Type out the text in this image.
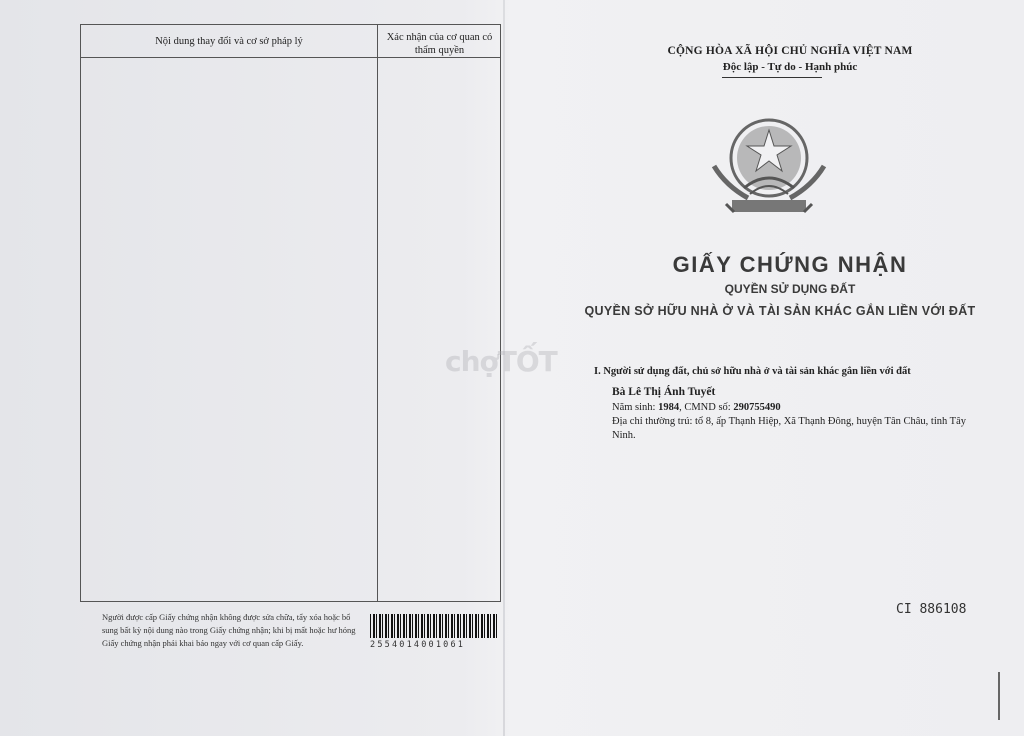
Nội dung thay đổi và cơ sở pháp lý	Xác nhận của cơ quan có thẩm quyền
Người được cấp Giấy chứng nhận không được sửa chữa, tẩy xóa hoặc bổ sung bất kỳ nội dung nào trong Giấy chứng nhận; khi bị mất hoặc hư hỏng Giấy chứng nhận phải khai báo ngay với cơ quan cấp Giấy.	2554014001061
CỘNG HÒA XÃ HỘI CHỦ NGHĨA VIỆT NAM
Độc lập - Tự do - Hạnh phúc
GIẤY CHỨNG NHẬN
QUYỀN SỬ DỤNG ĐẤT
QUYỀN SỞ HỮU NHÀ Ở VÀ TÀI SẢN KHÁC GẮN LIỀN VỚI ĐẤT
chợTỐT	I. Người sử dụng đất, chủ sở hữu nhà ở và tài sản khác gắn liền với đất
Bà Lê Thị Ánh Tuyết
Năm sinh: 1984, CMND số: 290755490
Địa chỉ thường trú: tổ 8, ấp Thạnh Hiệp, Xã Thạnh Đông, huyện Tân Châu, tỉnh Tây Ninh.
CI 886108
